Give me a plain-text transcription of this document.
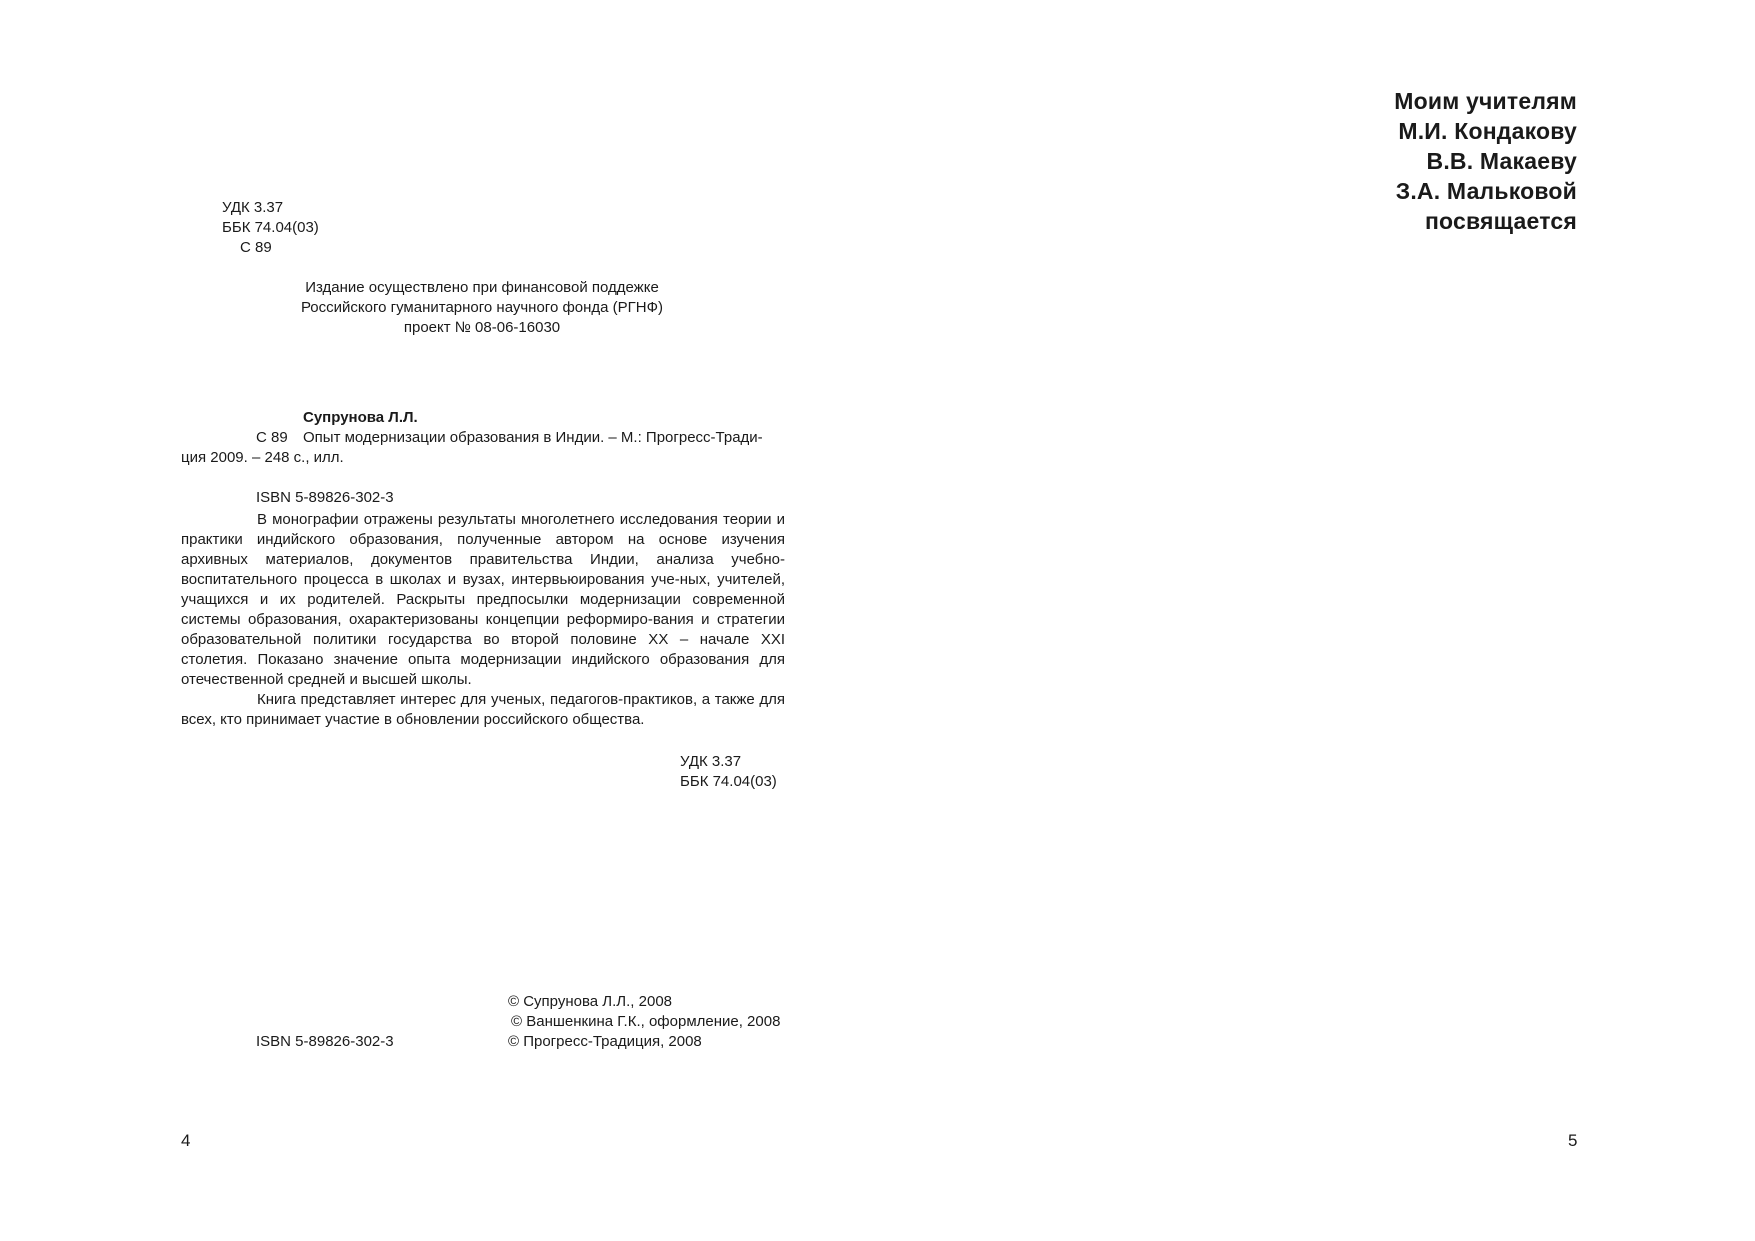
УДК 3.37
ББК 74.04(03)
С 89
Издание осуществлено при финансовой поддежке
Российского гуманитарного научного фонда (РГНФ)
проект № 08-06-16030
Супрунова Л.Л.
С 89 Опыт модернизации образования в Индии. – М.: Прогресс-Тради-
ция 2009. – 248 с., илл.
ISBN 5-89826-302-3

В монографии отражены результаты многолетнего исследования теории и практики индийского образования, полученные автором на основе изучения архивных материалов, документов правительства Индии, анализа учебно-воспитательного процесса в школах и вузах, интервьюирования уче-ных, учителей, учащихся и их родителей. Раскрыты предпосылки модернизации современной системы образования, охарактеризованы концепции реформиро-вания и стратегии образовательной политики государства во второй половине XX – начале XXI столетия. Показано значение опыта модернизации индийского образования для отечественной средней и высшей школы.

Книга представляет интерес для ученых, педагогов-практиков, а также для всех, кто принимает участие в обновлении российского общества.

УДК 3.37
ББК 74.04(03)
© Супрунова Л.Л., 2008
© Ваншенкина Г.К., оформление, 2008
ISBN 5-89826-302-3	© Прогресс-Традиция, 2008
4
Моим учителям
М.И. Кондакову
В.В. Макаеву
З.А. Мальковой
посвящается
5
